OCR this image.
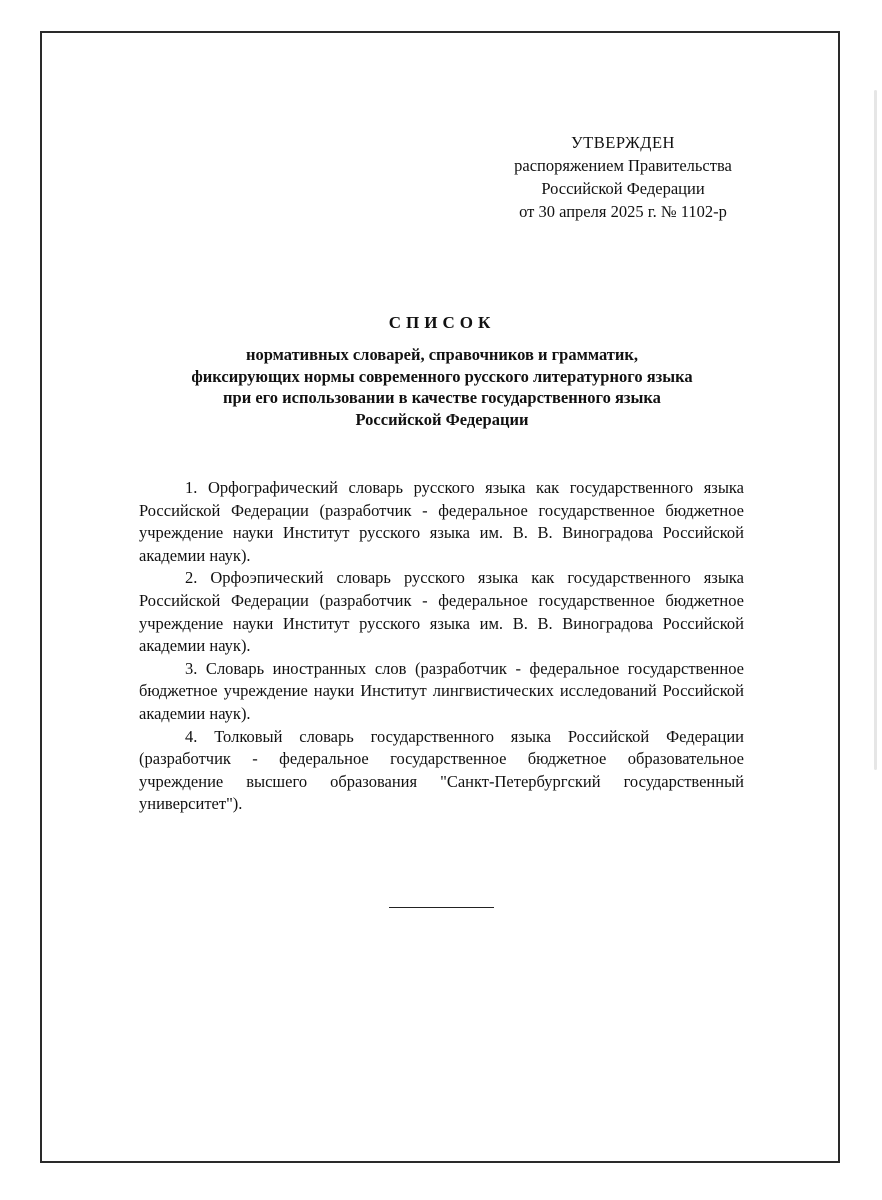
УТВЕРЖДЕН
распоряжением Правительства
Российской Федерации
от 30 апреля 2025 г. № 1102-р
СПИСОК
нормативных словарей, справочников и грамматик,
фиксирующих нормы современного русского литературного языка
при его использовании в качестве государственного языка
Российской Федерации

1. Орфографический словарь русского языка как государственного языка Российской Федерации (разработчик - федеральное государственное бюджетное учреждение науки Институт русского языка им. В. В. Виноградова Российской академии наук).

2. Орфоэпический словарь русского языка как государственного языка Российской Федерации (разработчик - федеральное государственное бюджетное учреждение науки Институт русского языка им. В. В. Виноградова Российской академии наук).

3. Словарь иностранных слов (разработчик - федеральное государственное бюджетное учреждение науки Институт лингвистических исследований Российской академии наук).

4. Толковый словарь государственного языка Российской Федерации (разработчик - федеральное государственное бюджетное образовательное учреждение высшего образования "Санкт-Петербургский государственный университет").
